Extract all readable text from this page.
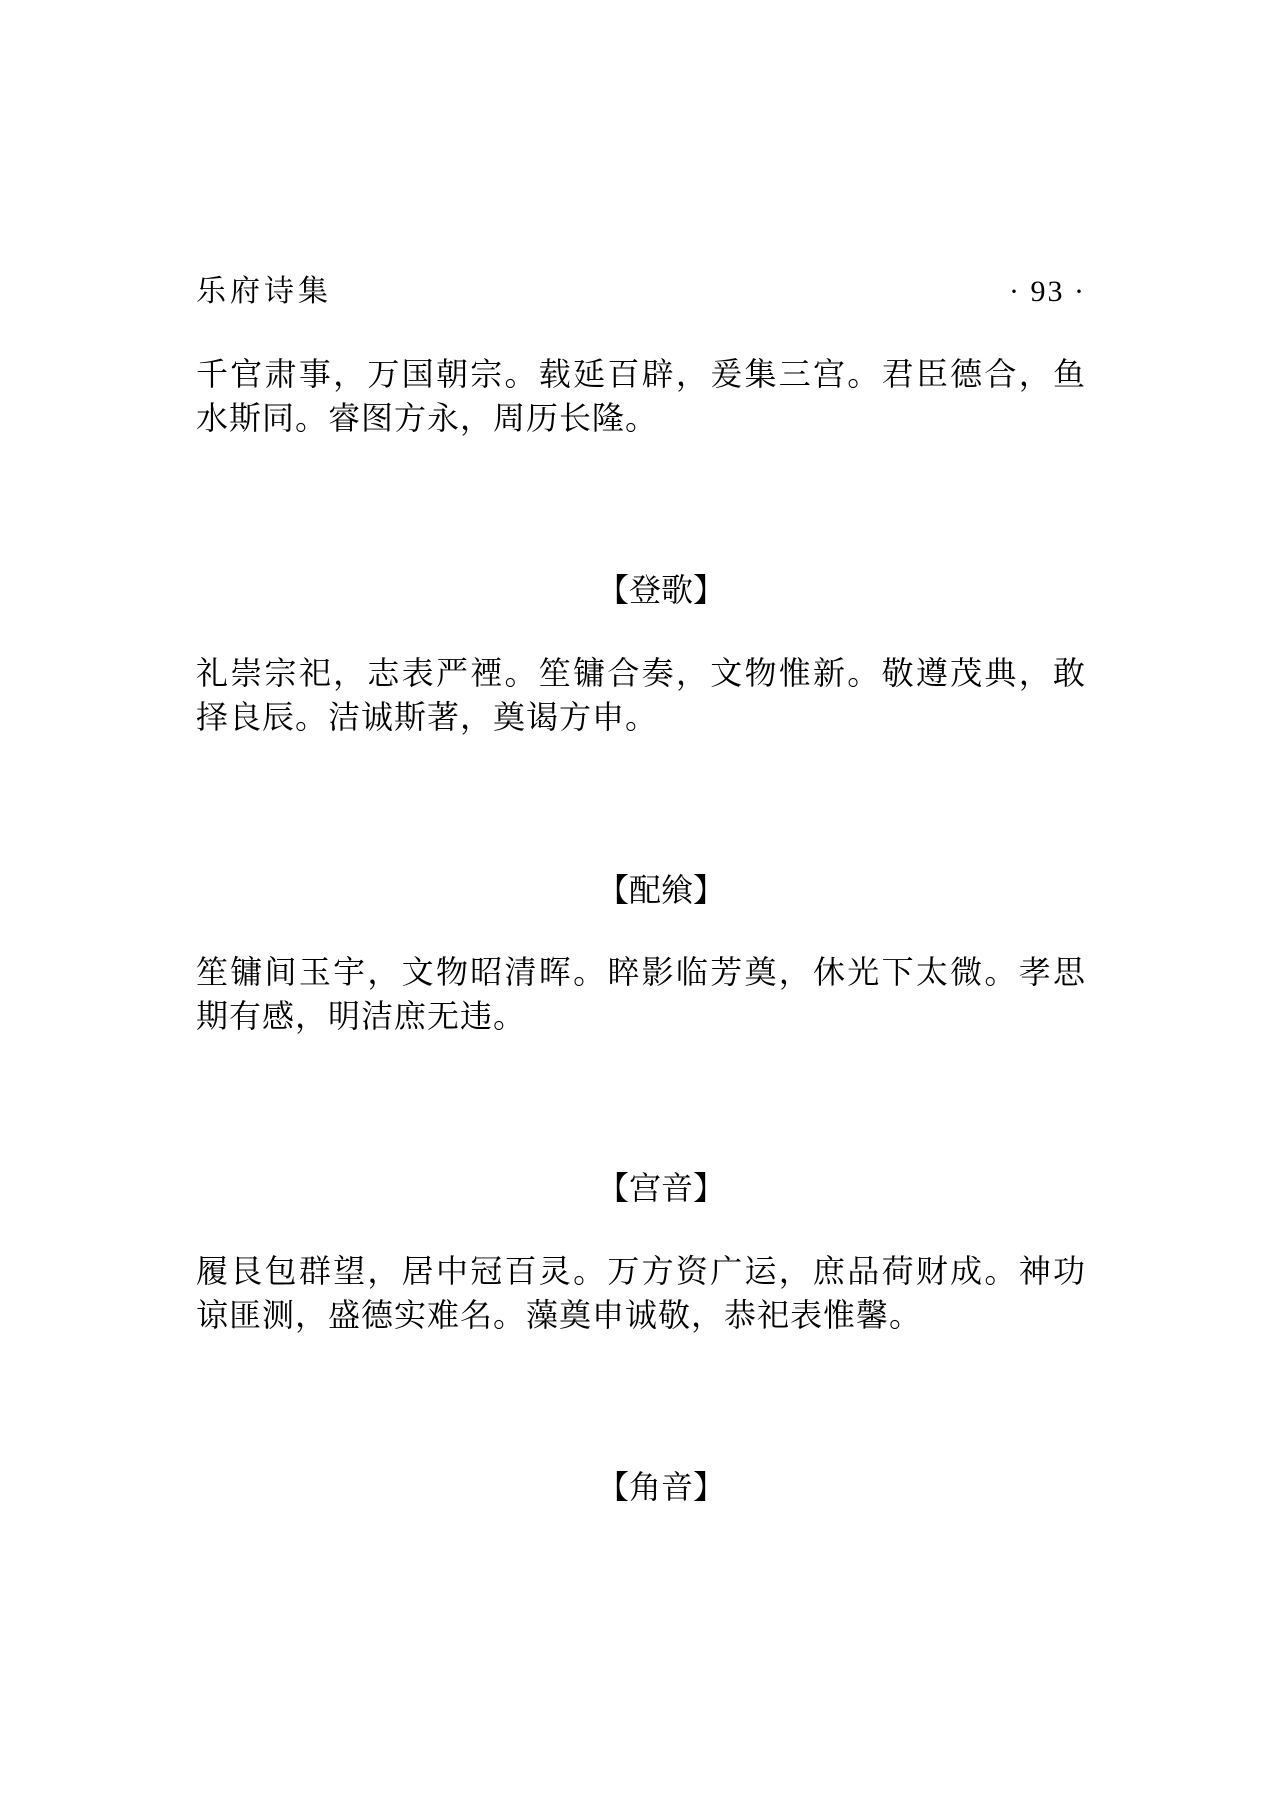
乐府诗集	· 93 ·

千官肃事，万国朝宗。载延百辟，爰集三宫。君臣德合，鱼水斯同。睿图方永，周历长隆。

【登歌】

礼崇宗祀，志表严禋。笙镛合奏，文物惟新。敬遵茂典，敢择良辰。洁诚斯著，奠谒方申。

【配飨】

笙镛间玉宇，文物昭清晖。睟影临芳奠，休光下太微。孝思期有感，明洁庶无违。

【宫音】

履艮包群望，居中冠百灵。万方资广运，庶品荷财成。神功谅匪测，盛德实难名。藻奠申诚敬，恭祀表惟馨。

【角音】
